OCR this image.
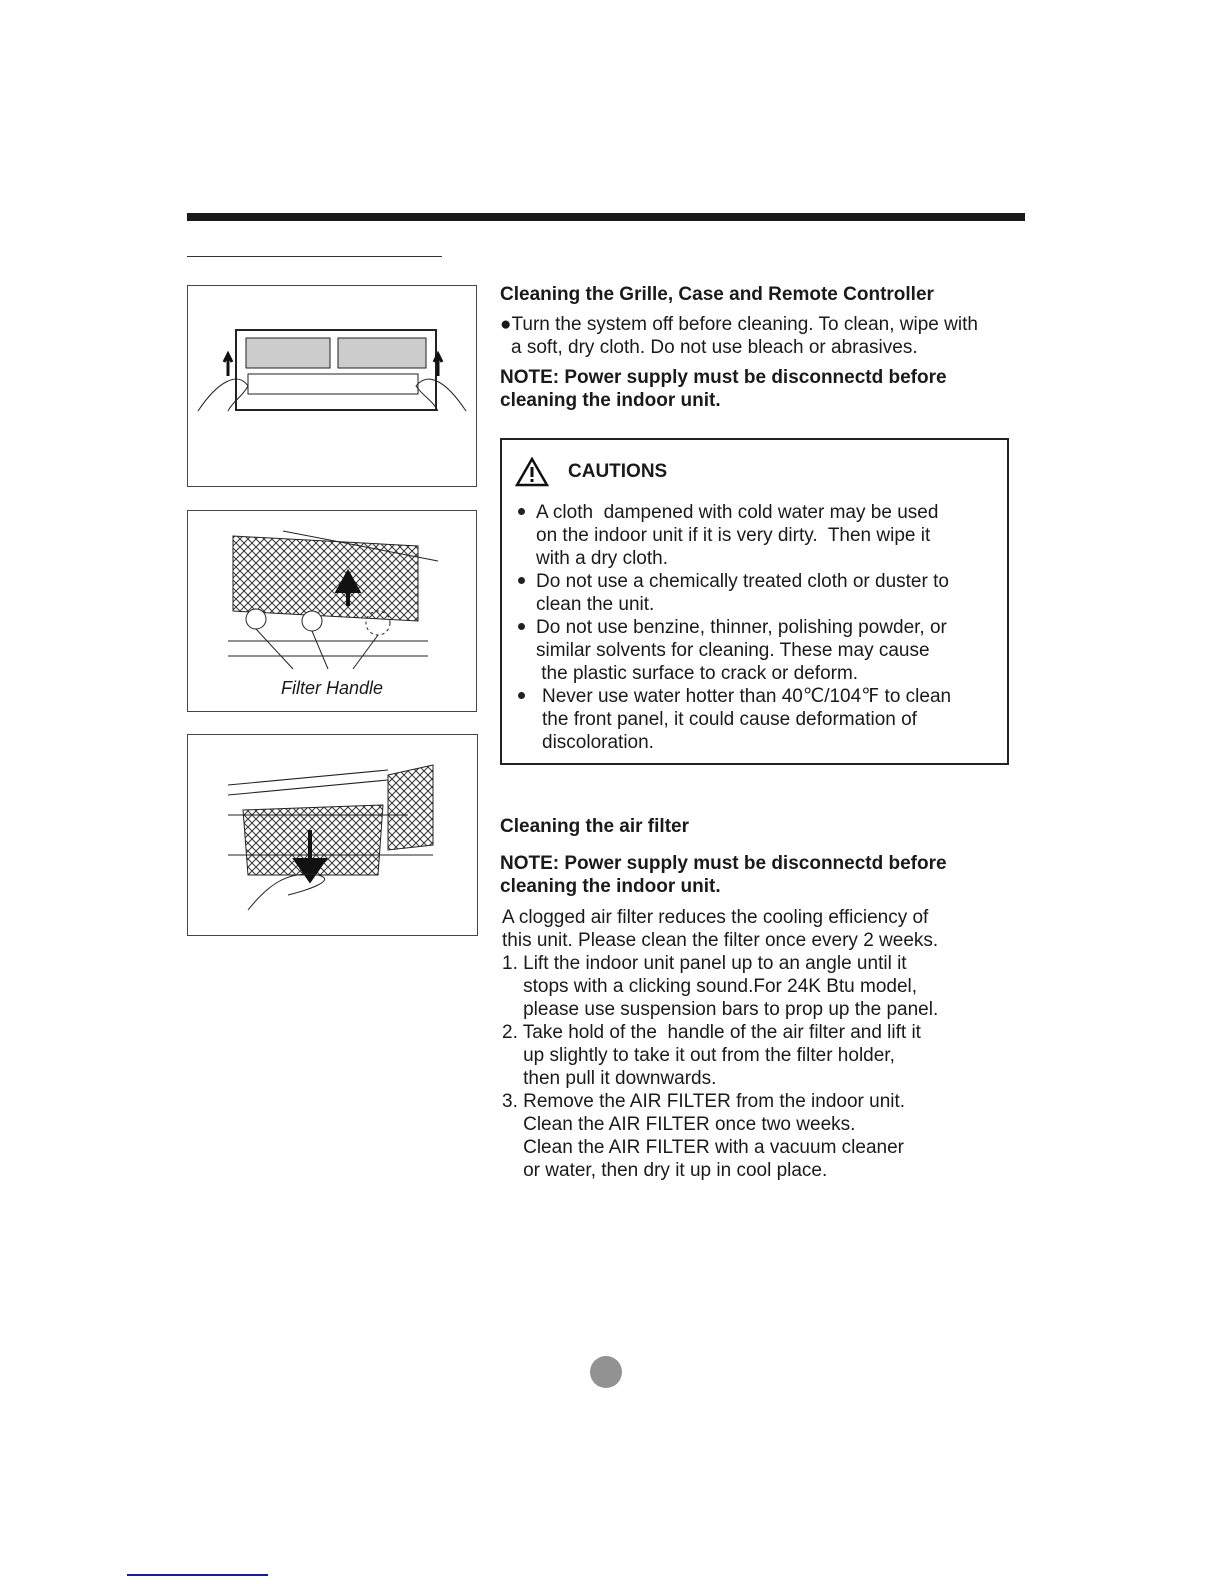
Filter Handle
Cleaning the Grille, Case and Remote Controller
●Turn the system off before cleaning. To clean, wipe with
a soft, dry cloth. Do not use bleach or abrasives.
NOTE: Power supply must be disconnectd before
cleaning the indoor unit.
CAUTIONS
A cloth  dampened with cold water may be used
on the indoor unit if it is very dirty.  Then wipe it
with a dry cloth.
Do not use a chemically treated cloth or duster to
clean the unit.
Do not use benzine, thinner, polishing powder, or
similar solvents for cleaning. These may cause
the plastic surface to crack or deform.
Never use water hotter than 40℃/104℉ to clean
the front panel, it could cause deformation of
discoloration.
Cleaning the air filter
NOTE: Power supply must be disconnectd before
cleaning the indoor unit.
A clogged air filter reduces the cooling efficiency of
this unit. Please clean the filter once every 2 weeks.
1. Lift the indoor unit panel up to an angle until it
stops with a clicking sound.For 24K Btu model,
please use suspension bars to prop up the panel.
2. Take hold of the  handle of the air filter and lift it
up slightly to take it out from the filter holder,
then pull it downwards.
3. Remove the AIR FILTER from the indoor unit.
Clean the AIR FILTER once two weeks.
Clean the AIR FILTER with a vacuum cleaner
or water, then dry it up in cool place.
